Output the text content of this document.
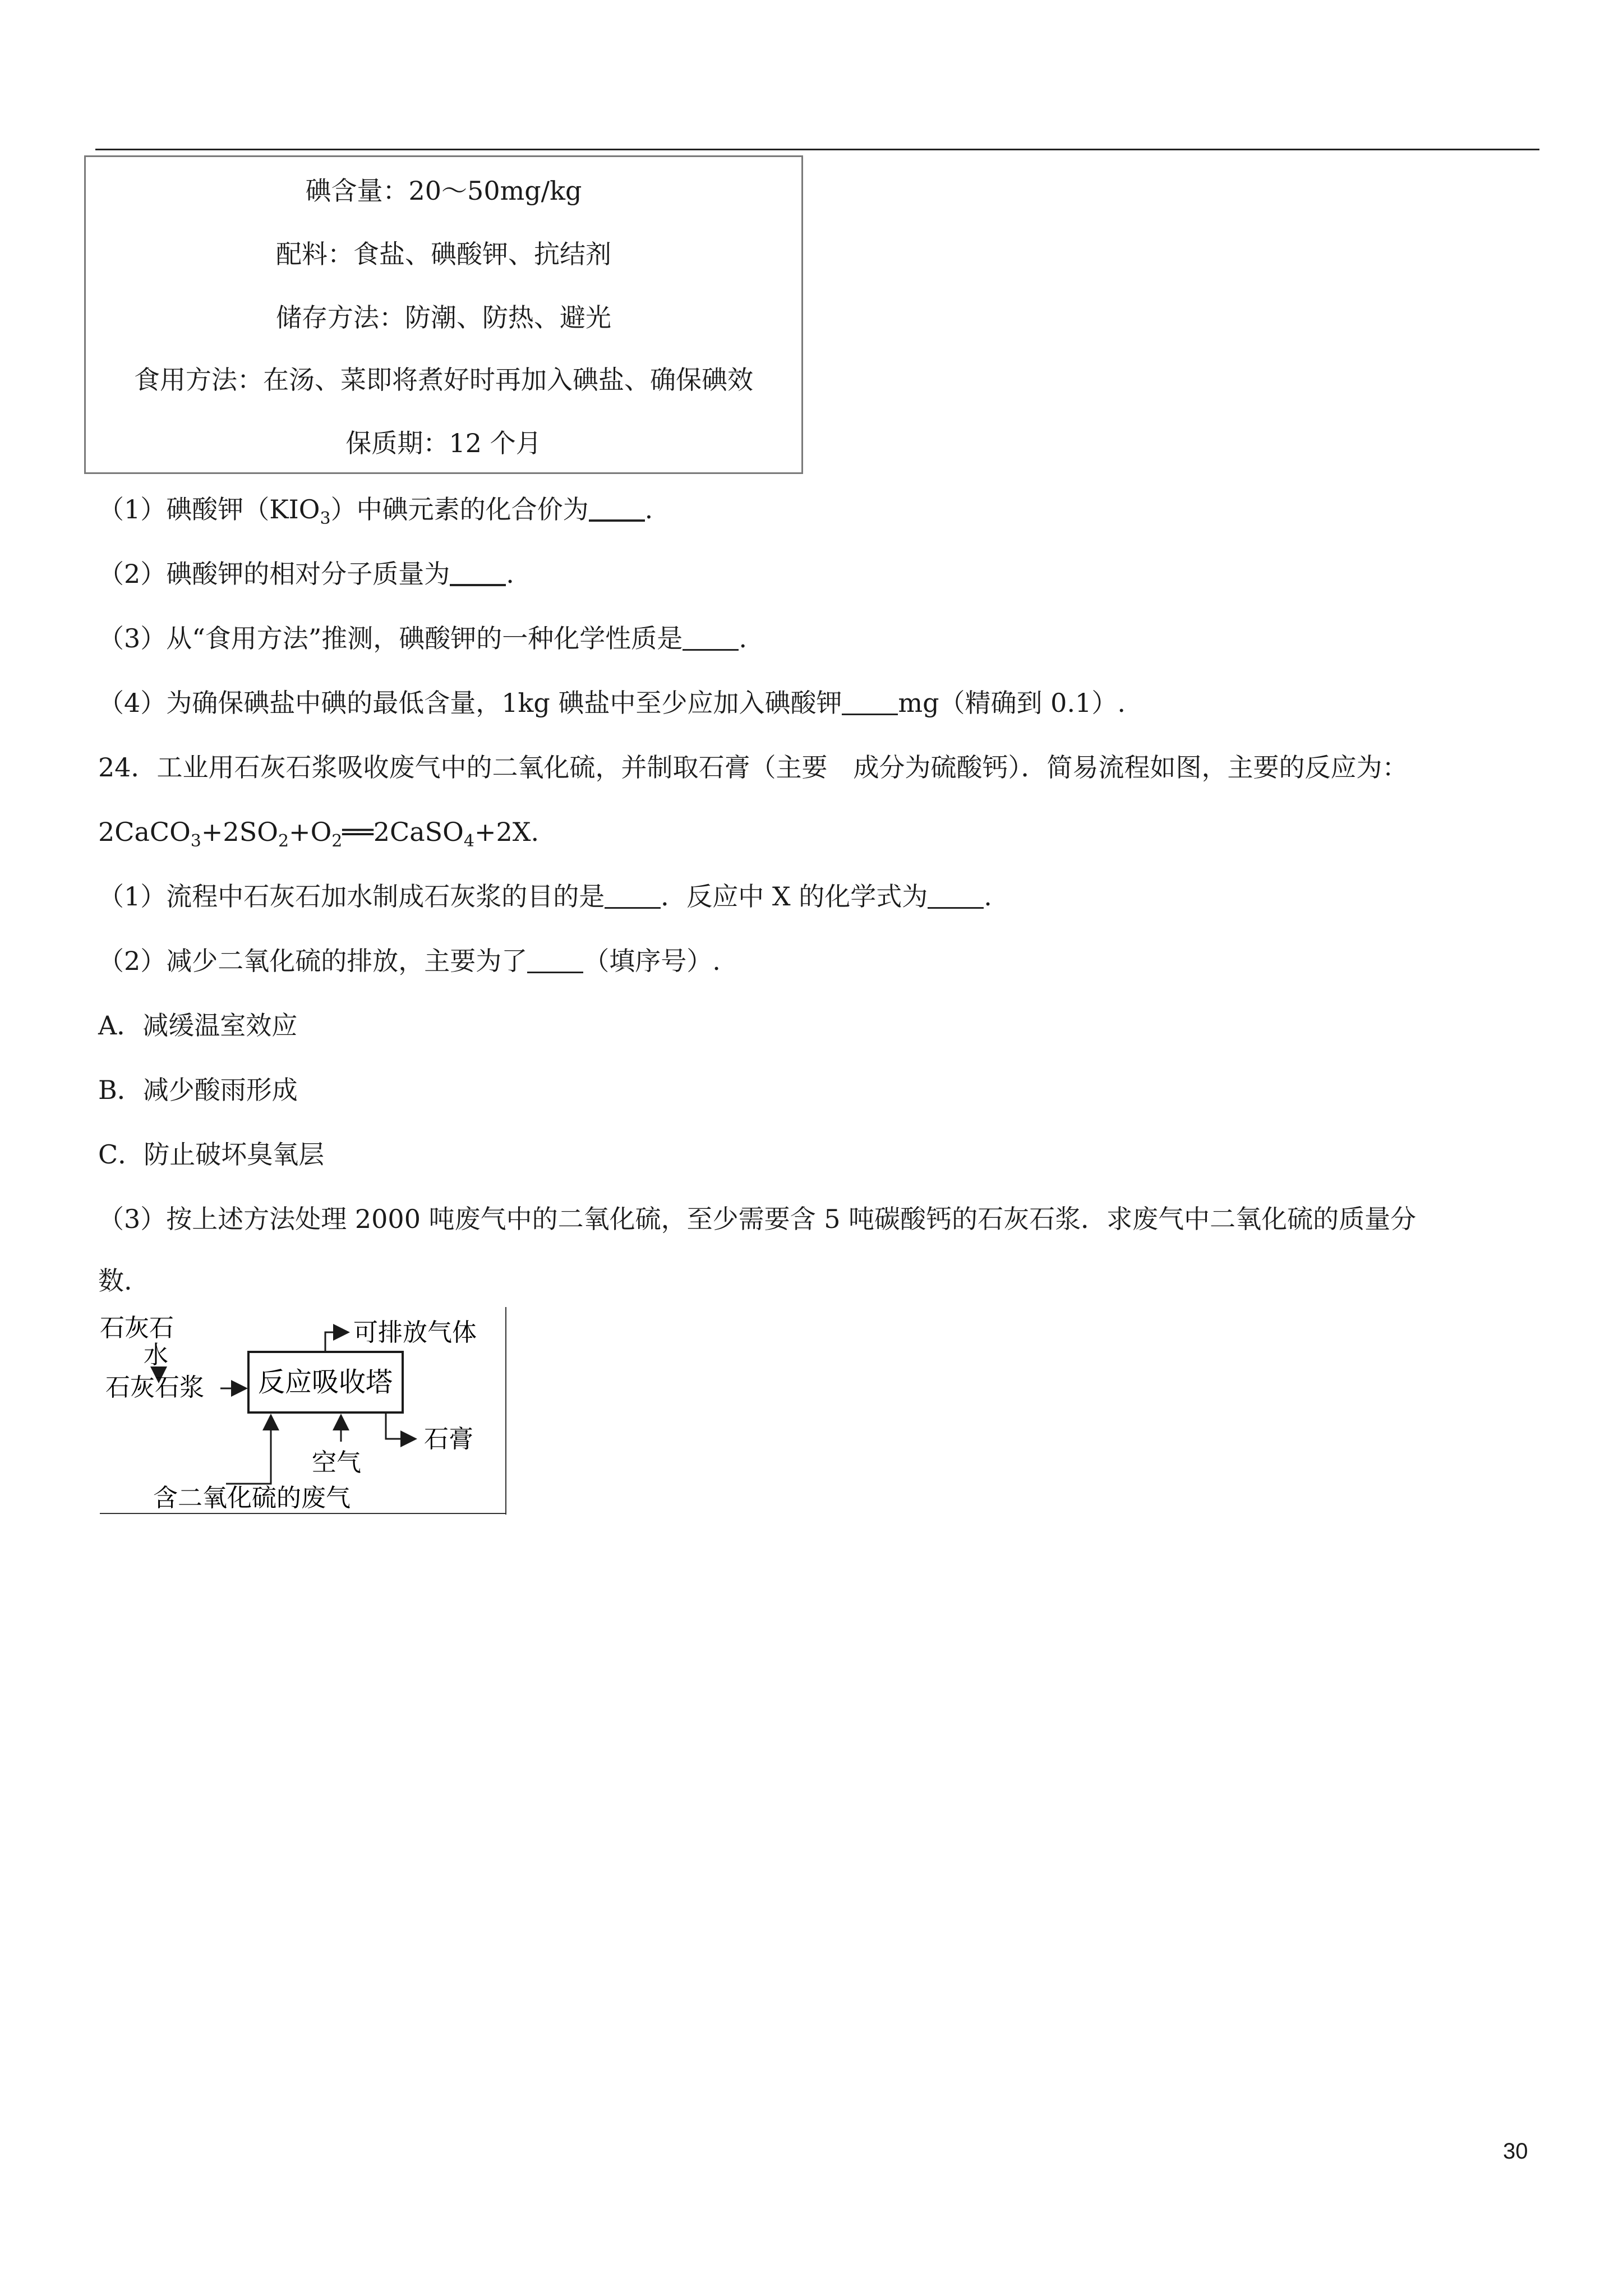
碘含量：20～50mg/kg
配料：食盐、碘酸钾、抗结剂
储存方法：防潮、防热、避光
食用方法：在汤、菜即将煮好时再加入碘盐、确保碘效
保质期：12 个月
（1）碘酸钾$(KIO_3)$中碘元素的化合价为 .
（2）碘酸钾的相对分子质量为 .
（3）从“食用方法”推测，碘酸钾的一种化学性质是 .
（4）为确保碘盐中碘的最低含量，1kg 碘盐中至少应加入碘酸钾 mg（精确到 0.1）.
24．工业用石灰石浆吸收废气中的二氧化硫，并制取石膏（主要　成分为硫酸钙）．简易流程如图，主要的反应为：
$2CaCO_3+2SO_2+O_2══2CaSO_4+2X$.
（1）流程中石灰石加水制成石灰浆的目的是 ．反应中 X 的化学式为 .
（2）减少二氧化硫的排放，主要为了 （填序号）.
A．减缓温室效应
B．减少酸雨形成
C．防止破坏臭氧层
（3）按上述方法处理 2000 吨废气中的二氧化硫，至少需要含 5 吨碳酸钙的石灰石浆．求废气中二氧化硫的质量分
数.
反应吸收塔
石灰石
水
石灰石浆
可排放气体
石膏
空气
含二氧化硫的废气
30
